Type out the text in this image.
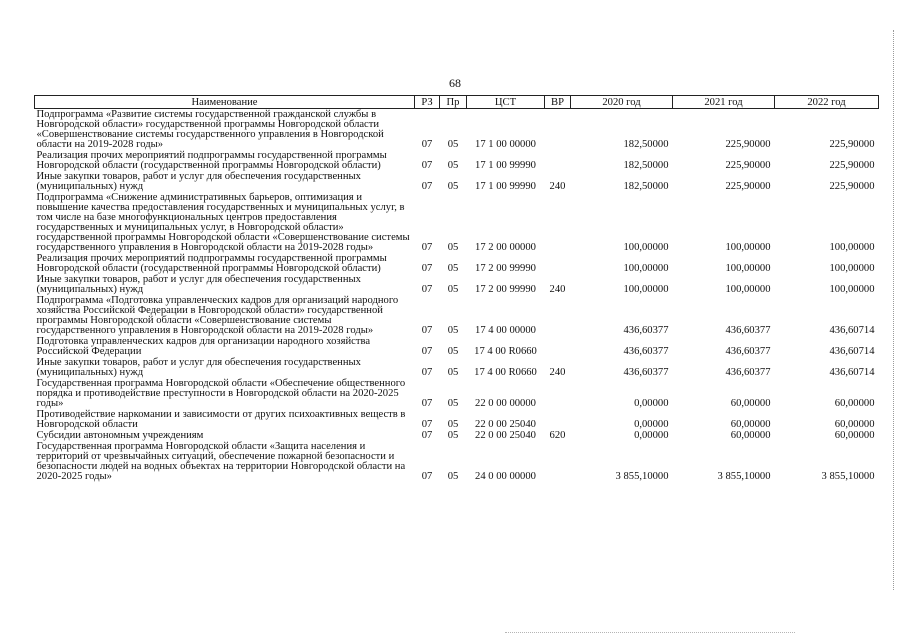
68
Наименование	РЗ	Пр	ЦСТ	ВР	2020 год	2021 год	2022 год
Подпрограмма «Развитие системы государственной гражданской службы в Новгородской области» государственной программы Новгородской области «Совершенствование системы государственного управления в Новгородской области на 2019-2028 годы»	07	05	17 1 00 00000		182,50000	225,90000	225,90000
Реализация прочих мероприятий подпрограммы государственной программы Новгородской области (государственной программы Новгородской области)	07	05	17 1 00 99990		182,50000	225,90000	225,90000
Иные закупки товаров, работ и услуг для обеспечения государственных (муниципальных) нужд	07	05	17 1 00 99990	240	182,50000	225,90000	225,90000
Подпрограмма «Снижение административных барьеров, оптимизация и повышение качества предоставления государственных и муниципальных услуг, в том числе на базе многофункциональных центров предоставления государственных и муниципальных услуг, в Новгородской области» государственной программы Новгородской области «Совершенствование системы государственного управления в Новгородской области на 2019-2028 годы»	07	05	17 2 00 00000		100,00000	100,00000	100,00000
Реализация прочих мероприятий подпрограммы государственной программы Новгородской области (государственной программы Новгородской области)	07	05	17 2 00 99990		100,00000	100,00000	100,00000
Иные закупки товаров, работ и услуг для обеспечения государственных (муниципальных) нужд	07	05	17 2 00 99990	240	100,00000	100,00000	100,00000
Подпрограмма «Подготовка управленческих кадров для организаций народного хозяйства Российской Федерации в Новгородской области» государственной программы Новгородской области «Совершенствование системы государственного управления в Новгородской области на 2019-2028 годы»	07	05	17 4 00 00000		436,60377	436,60377	436,60714
Подготовка управленческих кадров для организации народного хозяйства Российской Федерации	07	05	17 4 00 R0660		436,60377	436,60377	436,60714
Иные закупки товаров, работ и услуг для обеспечения государственных (муниципальных) нужд	07	05	17 4 00 R0660	240	436,60377	436,60377	436,60714
Государственная программа Новгородской области «Обеспечение общественного порядка и противодействие преступности в Новгородской области на 2020-2025 годы»	07	05	22 0 00 00000		0,00000	60,00000	60,00000
Противодействие наркомании и зависимости от других психоактивных веществ в Новгородской области	07	05	22 0 00 25040		0,00000	60,00000	60,00000
Субсидии автономным учреждениям	07	05	22 0 00 25040	620	0,00000	60,00000	60,00000
Государственная программа Новгородской области «Защита населения и территорий от чрезвычайных ситуаций, обеспечение пожарной безопасности и безопасности людей на водных объектах на территории Новгородской области на 2020-2025 годы»	07	05	24 0 00 00000		3 855,10000	3 855,10000	3 855,10000
